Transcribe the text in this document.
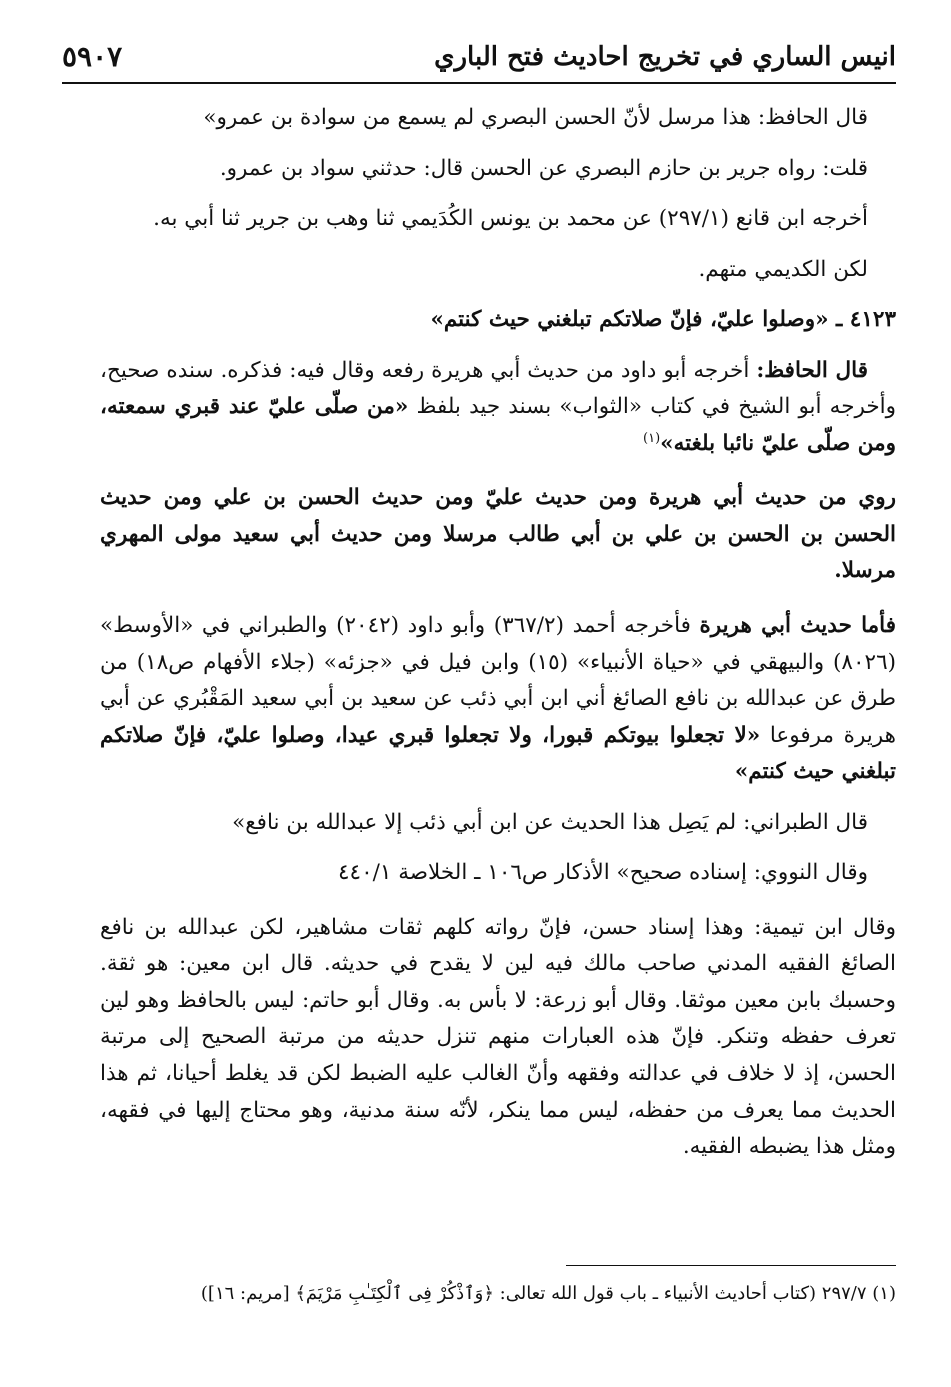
انيس الساري في تخريج احاديث فتح الباري
٥٩٠٧

قال الحافظ: هذا مرسل لأنّ الحسن البصري لم يسمع من سوادة بن عمرو»

قلت: رواه جرير بن حازم البصري عن الحسن قال: حدثني سواد بن عمرو.

أخرجه ابن قانع (٢٩٧/١) عن محمد بن يونس الكُدَيمي ثنا وهب بن جرير ثنا أبي به.

لكن الكديمي متهم.

٤١٢٣ ـ «وصلوا عليّ، فإنّ صلاتكم تبلغني حيث كنتم»

قال الحافظ: أخرجه أبو داود من حديث أبي هريرة رفعه وقال فيه: فذكره. سنده صحيح، وأخرجه أبو الشيخ في كتاب «الثواب» بسند جيد بلفظ «من صلّى عليّ عند قبري سمعته، ومن صلّى عليّ نائبا بلغته»$^{(١)}$

روي من حديث أبي هريرة ومن حديث عليّ ومن حديث الحسن بن علي ومن حديث الحسن بن الحسن بن علي بن أبي طالب مرسلا ومن حديث أبي سعيد مولى المهري مرسلا.

فأما حديث أبي هريرة فأخرجه أحمد (٣٦٧/٢) وأبو داود (٢٠٤٢) والطبراني في «الأوسط» (٨٠٢٦) والبيهقي في «حياة الأنبياء» (١٥) وابن فيل في «جزئه» (جلاء الأفهام ص١٨) من طرق عن عبدالله بن نافع الصائغ أني ابن أبي ذئب عن سعيد بن أبي سعيد المَقْبُري عن أبي هريرة مرفوعا «لا تجعلوا بيوتكم قبورا، ولا تجعلوا قبري عيدا، وصلوا عليّ، فإنّ صلاتكم تبلغني حيث كنتم»

قال الطبراني: لم يَصِل هذا الحديث عن ابن أبي ذئب إلا عبدالله بن نافع»

وقال النووي: إسناده صحيح» الأذكار ص١٠٦ ـ الخلاصة ٤٤٠/١

وقال ابن تيمية: وهذا إسناد حسن، فإنّ رواته كلهم ثقات مشاهير، لكن عبدالله بن نافع الصائغ الفقيه المدني صاحب مالك فيه لين لا يقدح في حديثه. قال ابن معين: هو ثقة. وحسبك بابن معين موثقا. وقال أبو زرعة: لا بأس به. وقال أبو حاتم: ليس بالحافظ وهو لين تعرف حفظه وتنكر. فإنّ هذه العبارات منهم تنزل حديثه من مرتبة الصحيح إلى مرتبة الحسن، إذ لا خلاف في عدالته وفقهه وأنّ الغالب عليه الضبط لكن قد يغلط أحيانا، ثم هذا الحديث مما يعرف من حفظه، ليس مما ينكر، لأنّه سنة مدنية، وهو محتاج إليها في فقهه، ومثل هذا يضبطه الفقيه.

(١) ٢٩٧/٧ (كتاب أحاديث الأنبياء ـ باب قول الله تعالى: ﴿وَٱذْكُرْ فِى ٱلْكِتَـٰبِ مَرْيَمَ﴾ [مريم: ١٦])
